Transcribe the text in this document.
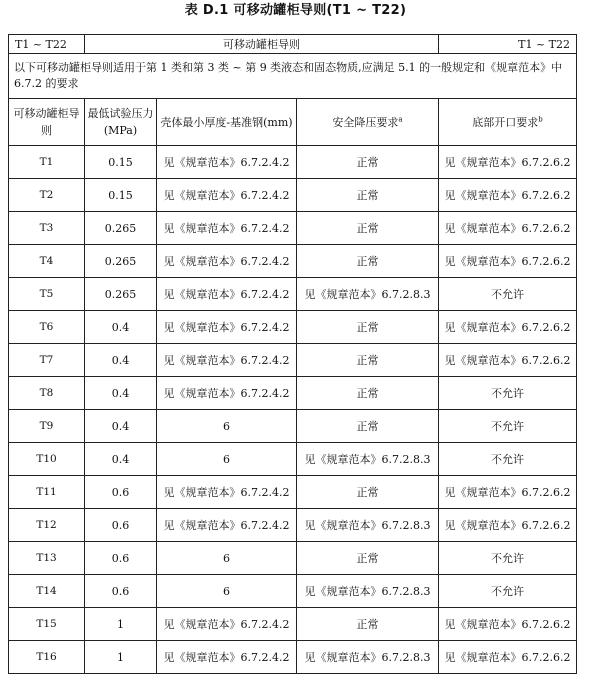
表 D.1 可移动罐柜导则(T1 ~ T22)
T1 ~ T22	可移动罐柜导则			T1 ~ T22
以下可移动罐柜导则适用于第 1 类和第 3 类 ~ 第 9 类液态和固态物质,应满足 5.1 的一般规定和《规章范本》中 6.7.2 的要求				
可移动罐柜导则	最低试验压力(MPa)	壳体最小厚度-基准钢(mm)	安全降压要求$^a$	底部开口要求$^b$
T1	0.15	见《规章范本》6.7.2.4.2	正常	见《规章范本》6.7.2.6.2
T2	0.15	见《规章范本》6.7.2.4.2	正常	见《规章范本》6.7.2.6.2
T3	0.265	见《规章范本》6.7.2.4.2	正常	见《规章范本》6.7.2.6.2
T4	0.265	见《规章范本》6.7.2.4.2	正常	见《规章范本》6.7.2.6.2
T5	0.265	见《规章范本》6.7.2.4.2	见《规章范本》6.7.2.8.3	不允许
T6	0.4	见《规章范本》6.7.2.4.2	正常	见《规章范本》6.7.2.6.2
T7	0.4	见《规章范本》6.7.2.4.2	正常	见《规章范本》6.7.2.6.2
T8	0.4	见《规章范本》6.7.2.4.2	正常	不允许
T9	0.4	6	正常	不允许
T10	0.4	6	见《规章范本》6.7.2.8.3	不允许
T11	0.6	见《规章范本》6.7.2.4.2	正常	见《规章范本》6.7.2.6.2
T12	0.6	见《规章范本》6.7.2.4.2	见《规章范本》6.7.2.8.3	见《规章范本》6.7.2.6.2
T13	0.6	6	正常	不允许
T14	0.6	6	见《规章范本》6.7.2.8.3	不允许
T15	1	见《规章范本》6.7.2.4.2	正常	见《规章范本》6.7.2.6.2
T16	1	见《规章范本》6.7.2.4.2	见《规章范本》6.7.2.8.3	见《规章范本》6.7.2.6.2
